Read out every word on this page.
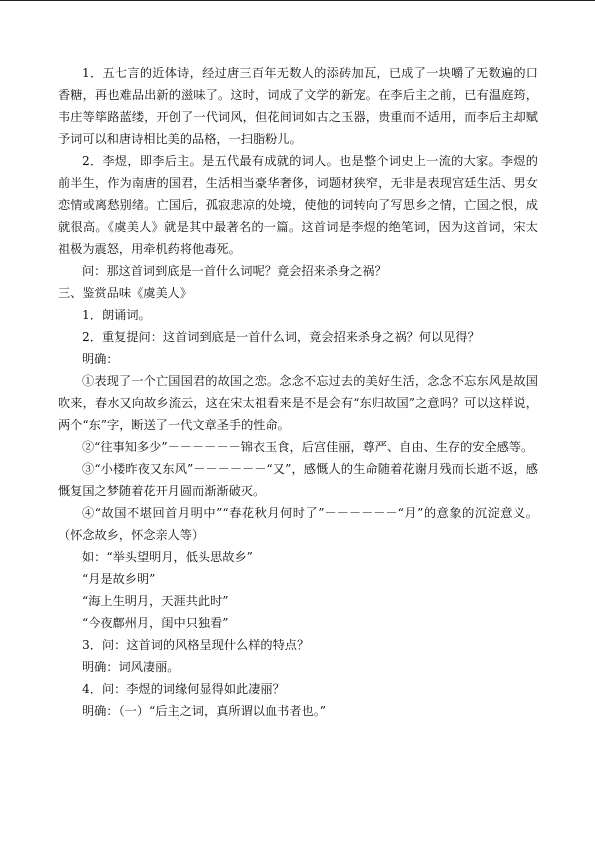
1．五七言的近体诗，经过唐三百年无数人的添砖加瓦，已成了一块嚼了无数遍的口香糖，再也难品出新的滋味了。这时，词成了文学的新宠。在李后主之前，已有温庭筠，韦庄等筚路蓝缕，开创了一代词风，但花间词如古之玉器，贵重而不适用，而李后主却赋予词可以和唐诗相比美的品格，一扫脂粉儿。

2．李煜，即李后主。是五代最有成就的词人。也是整个词史上一流的大家。李煜的前半生，作为南唐的国君，生活相当豪华奢侈，词题材狭窄，无非是表现宫廷生活、男女恋情或离愁别绪。亡国后，孤寂悲凉的处境，使他的词转向了写思乡之情，亡国之恨，成就很高。《虞美人》就是其中最著名的一篇。这首词是李煜的绝笔词，因为这首词，宋太祖极为震怒，用牵机药将他毒死。

问：那这首词到底是一首什么词呢？竟会招来杀身之祸？

三、鉴赏品味《虞美人》

1．朗诵词。

2．重复提问：这首词到底是一首什么词，竟会招来杀身之祸？何以见得？

明确：

①表现了一个亡国国君的故国之恋。念念不忘过去的美好生活，念念不忘东风是故国吹来，春水又向故乡流云，这在宋太祖看来是不是会有“东归故国”之意吗？可以这样说，两个“东”字，断送了一代文章圣手的性命。

②“往事知多少”－－－－－－锦衣玉食，后宫佳丽，尊严、自由、生存的安全感等。

③“小楼昨夜又东风”－－－－－－“又”，感慨人的生命随着花谢月残而长逝不返，感慨复国之梦随着花开月圆而渐渐破灭。

④“故国不堪回首月明中”“春花秋月何时了”－－－－－－“月”的意象的沉淀意义。（怀念故乡，怀念亲人等）

如：“举头望明月，低头思故乡”

“月是故乡明”

“海上生明月，天涯共此时”

“今夜鄜州月，闺中只独看”

3．问：这首词的风格呈现什么样的特点？

明确：词风凄丽。

4．问：李煜的词缘何显得如此凄丽？

明确：（一）“后主之词，真所谓以血书者也。”
